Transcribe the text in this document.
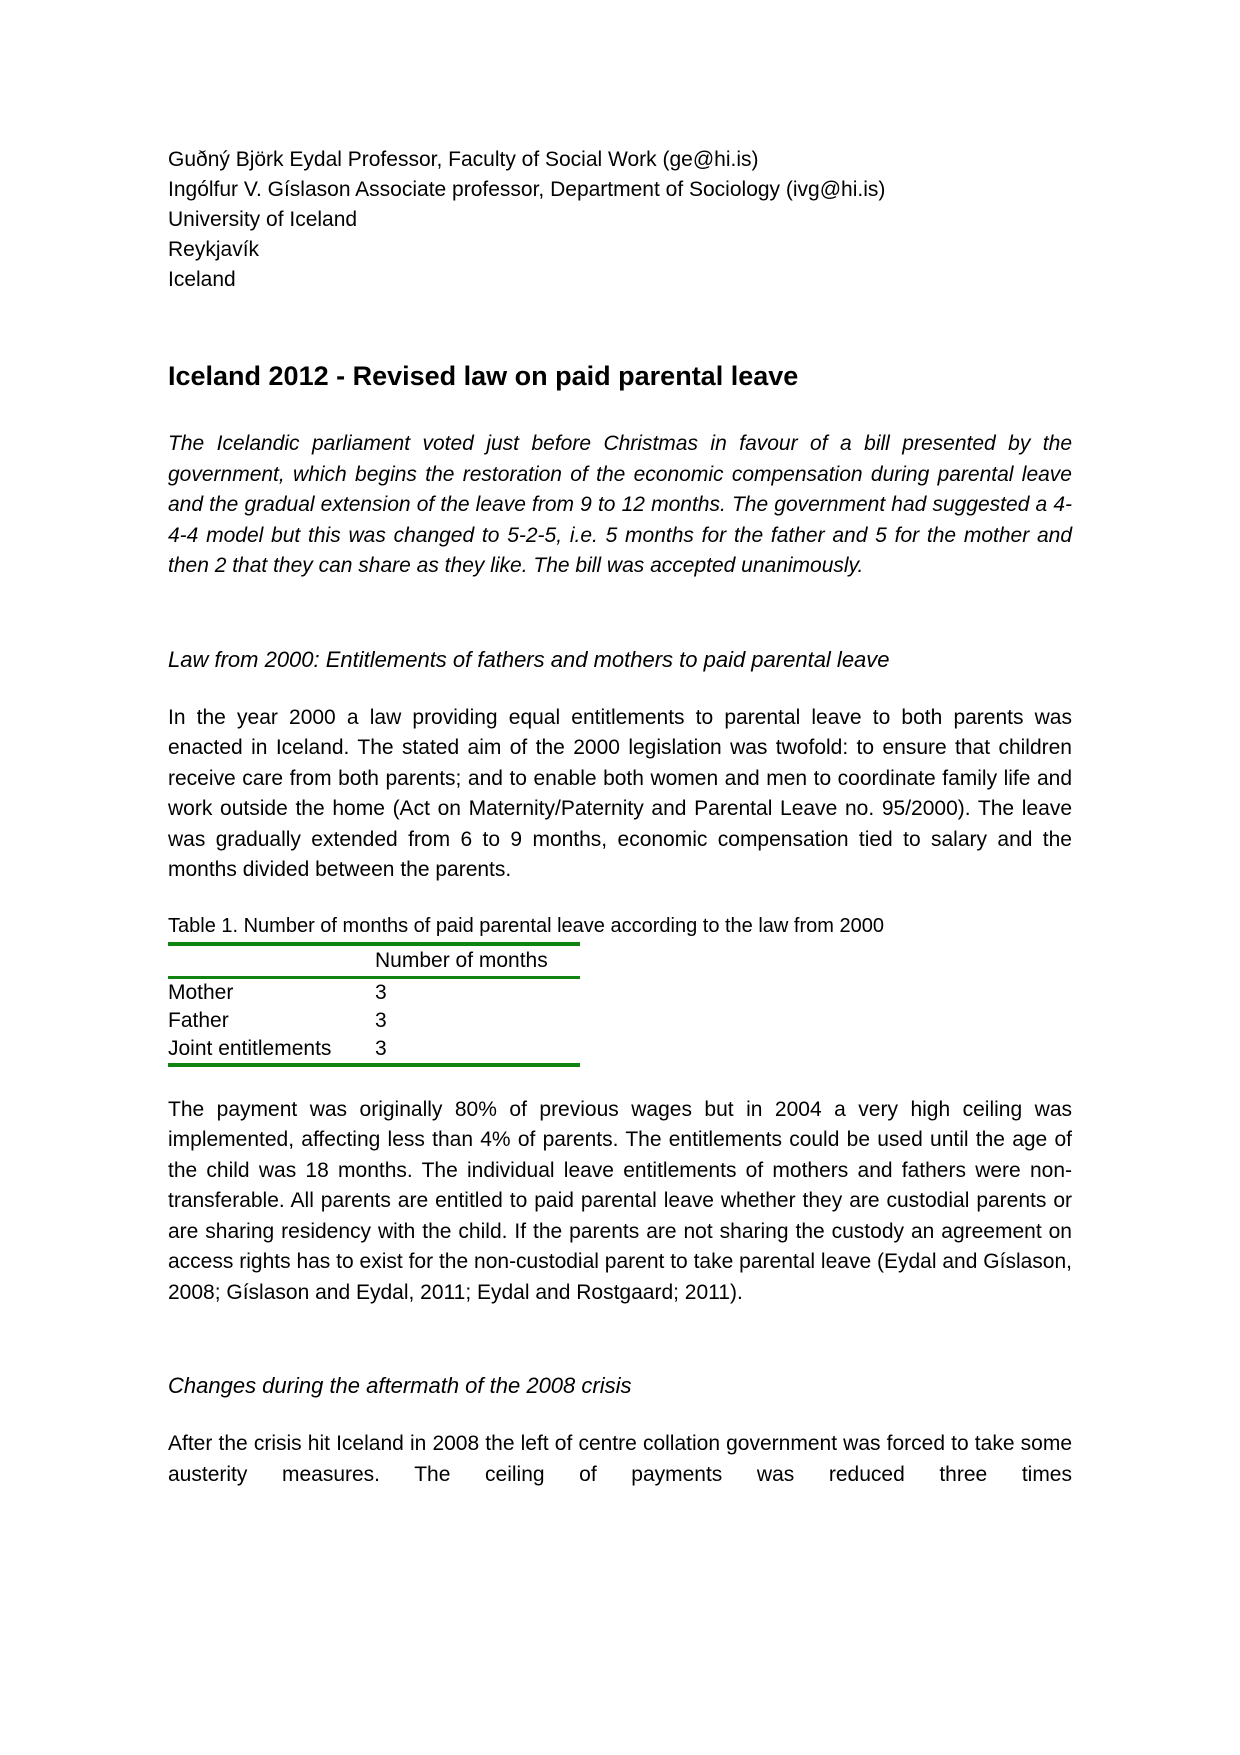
Guðný Björk Eydal Professor, Faculty of Social Work (ge@hi.is)
Ingólfur V. Gíslason Associate professor, Department of Sociology (ivg@hi.is)
University of Iceland
Reykjavík
Iceland
Iceland 2012 - Revised law on paid parental leave

The Icelandic parliament voted just before Christmas in favour of a bill presented by the government, which begins the restoration of the economic compensation during parental leave and the gradual extension of the leave from 9 to 12 months. The government had suggested a 4-4-4 model but this was changed to 5-2-5, i.e. 5 months for the father and 5 for the mother and then 2 that they can share as they like. The bill was accepted unanimously.

Law from 2000: Entitlements of fathers and mothers to paid parental leave

In the year 2000 a law providing equal entitlements to parental leave to both parents was enacted in Iceland. The stated aim of the 2000 legislation was twofold: to ensure that children receive care from both parents; and to enable both women and men to coordinate family life and work outside the home (Act on Maternity/Paternity and Parental Leave no. 95/2000). The leave was gradually extended from 6 to 9 months, economic compensation tied to salary and the months divided between the parents.

Table 1. Number of months of paid parental leave according to the law from 2000
	Number of months
Mother	3
Father	3
Joint entitlements	3

The payment was originally 80% of previous wages but in 2004 a very high ceiling was implemented, affecting less than 4% of parents. The entitlements could be used until the age of the child was 18 months. The individual leave entitlements of mothers and fathers were non-transferable. All parents are entitled to paid parental leave whether they are custodial parents or are sharing residency with the child. If the parents are not sharing the custody an agreement on access rights has to exist for the non-custodial parent to take parental leave (Eydal and Gíslason, 2008; Gíslason and Eydal, 2011; Eydal and Rostgaard; 2011).

Changes during the aftermath of the 2008 crisis

After the crisis hit Iceland in 2008 the left of centre collation government was forced to take some austerity measures. The ceiling of payments was reduced three times
